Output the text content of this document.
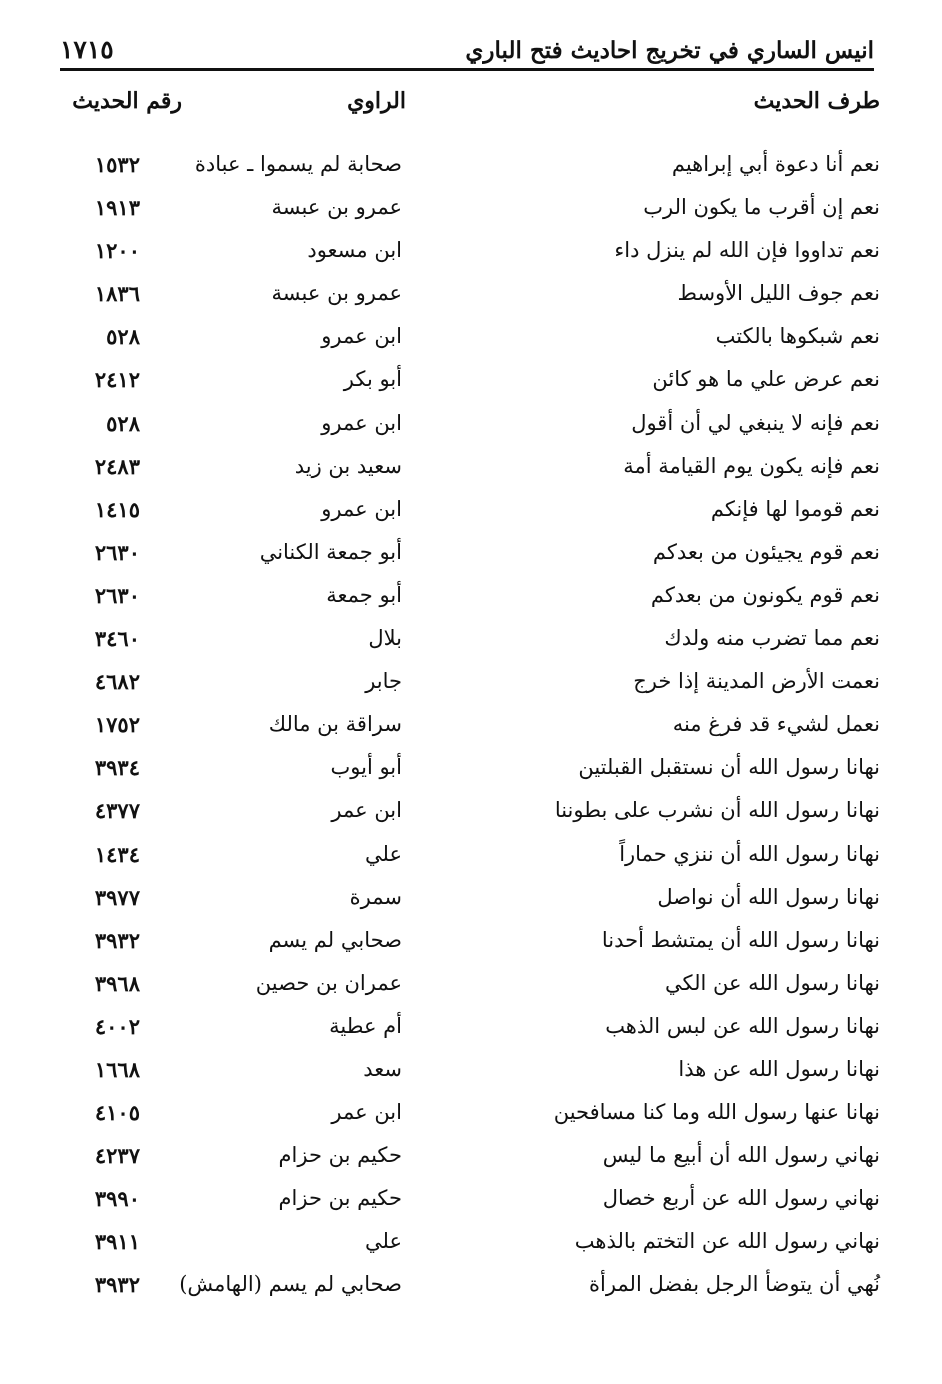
انيس الساري في تخريج احاديث فتح الباري
١٧١٥
طرف الحديث
الراوي
رقم الحديث
نعم أنا دعوة أبي إبراهيم
صحابة لم يسموا ـ عبادة
١٥٣٢
نعم إن أقرب ما يكون الرب
عمرو بن عبسة
١٩١٣
نعم تداووا فإن الله لم ينزل داء
ابن مسعود
١٢٠٠
نعم جوف الليل الأوسط
عمرو بن عبسة
١٨٣٦
نعم شبكوها بالكتب
ابن عمرو
٥٢٨
نعم عرض علي ما هو كائن
أبو بكر
٢٤١٢
نعم فإنه لا ينبغي لي أن أقول
ابن عمرو
٥٢٨
نعم فإنه يكون يوم القيامة أمة
سعيد بن زيد
٢٤٨٣
نعم قوموا لها فإنكم
ابن عمرو
١٤١٥
نعم قوم يجيئون من بعدكم
أبو جمعة الكناني
٢٦٣٠
نعم قوم يكونون من بعدكم
أبو جمعة
٢٦٣٠
نعم مما تضرب منه ولدك
بلال
٣٤٦٠
نعمت الأرض المدينة إذا خرج
جابر
٤٦٨٢
نعمل لشيء قد فرغ منه
سراقة بن مالك
١٧٥٢
نهانا رسول الله أن نستقبل القبلتين
أبو أيوب
٣٩٣٤
نهانا رسول الله أن نشرب على بطوننا
ابن عمر
٤٣٧٧
نهانا رسول الله أن ننزي حماراً
علي
١٤٣٤
نهانا رسول الله أن نواصل
سمرة
٣٩٧٧
نهانا رسول الله أن يمتشط أحدنا
صحابي لم يسم
٣٩٣٢
نهانا رسول الله عن الكي
عمران بن حصين
٣٩٦٨
نهانا رسول الله عن لبس الذهب
أم عطية
٤٠٠٢
نهانا رسول الله عن هذا
سعد
١٦٦٨
نهانا عنها رسول الله وما كنا مسافحين
ابن عمر
٤١٠٥
نهاني رسول الله أن أبيع ما ليس
حكيم بن حزام
٤٢٣٧
نهاني رسول الله عن أربع خصال
حكيم بن حزام
٣٩٩٠
نهاني رسول الله عن التختم بالذهب
علي
٣٩١١
نُهي أن يتوضأ الرجل بفضل المرأة
صحابي لم يسم (الهامش)
٣٩٣٢
